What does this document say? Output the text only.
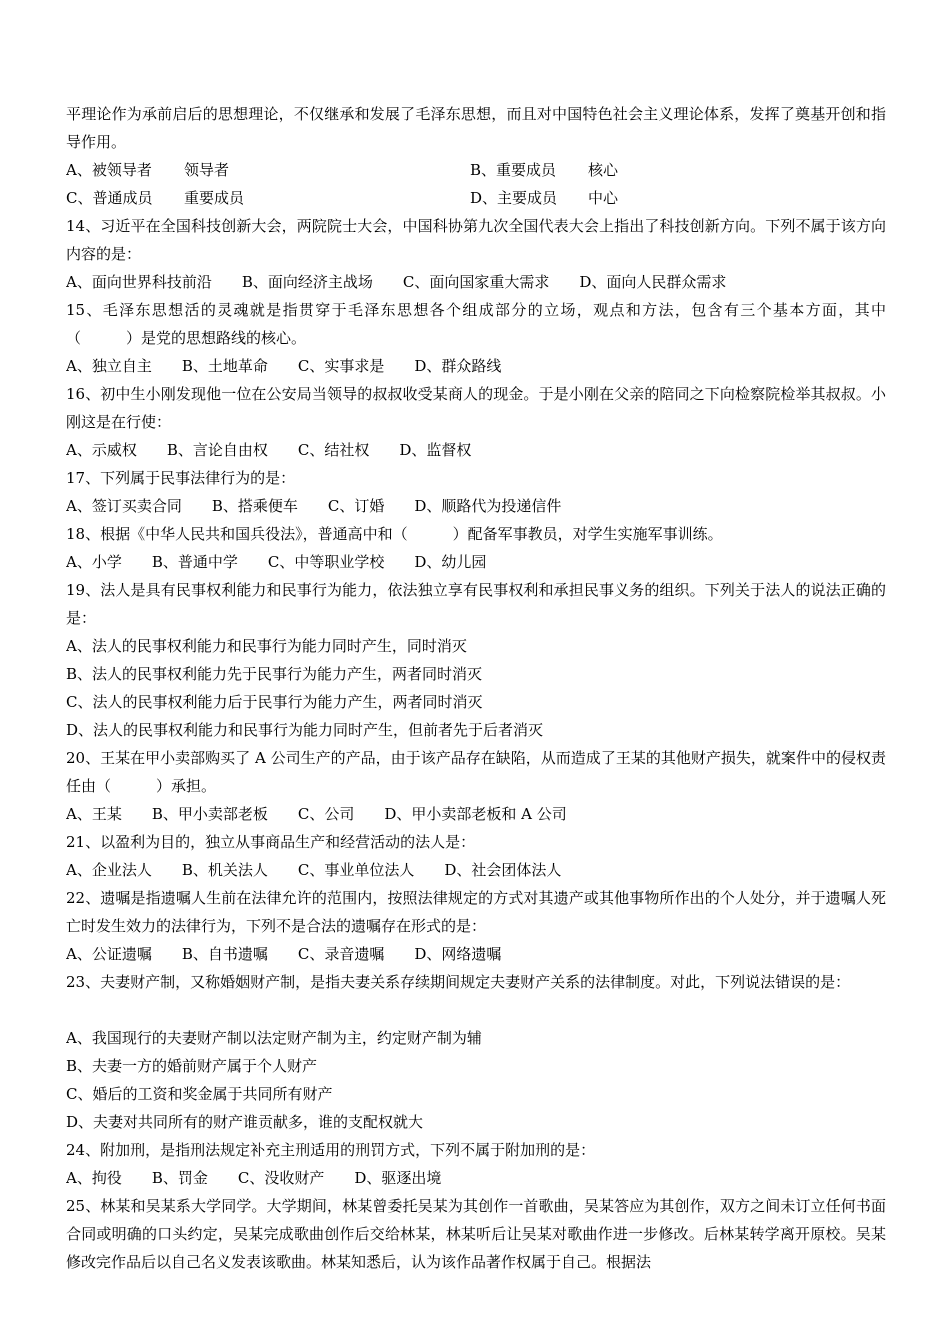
平理论作为承前启后的思想理论，不仅继承和发展了毛泽东思想，而且对中国特色社会主义理论体系，发挥了奠基开创和指导作用。
A、被领导者	领导者	B、重要成员	核心
C、普通成员	重要成员	D、主要成员	中心
14、习近平在全国科技创新大会，两院院士大会，中国科协第九次全国代表大会上指出了科技创新方向。下列不属于该方向内容的是：
A、面向世界科技前沿 B、面向经济主战场 C、面向国家重大需求 D、面向人民群众需求
15、毛泽东思想活的灵魂就是指贯穿于毛泽东思想各个组成部分的立场，观点和方法，包含有三个基本方面，其中（　　　）是党的思想路线的核心。
A、独立自主 B、土地革命 C、实事求是 D、群众路线
16、初中生小刚发现他一位在公安局当领导的叔叔收受某商人的现金。于是小刚在父亲的陪同之下向检察院检举其叔叔。小刚这是在行使：
A、示威权 B、言论自由权 C、结社权 D、监督权
17、下列属于民事法律行为的是：
A、签订买卖合同 B、搭乘便车 C、订婚 D、顺路代为投递信件
18、根据《中华人民共和国兵役法》，普通高中和（　　　）配备军事教员，对学生实施军事训练。
A、小学 B、普通中学 C、中等职业学校 D、幼儿园
19、法人是具有民事权利能力和民事行为能力，依法独立享有民事权利和承担民事义务的组织。下列关于法人的说法正确的是：
A、法人的民事权利能力和民事行为能力同时产生，同时消灭
B、法人的民事权利能力先于民事行为能力产生，两者同时消灭
C、法人的民事权利能力后于民事行为能力产生，两者同时消灭
D、法人的民事权利能力和民事行为能力同时产生，但前者先于后者消灭
20、王某在甲小卖部购买了 A 公司生产的产品，由于该产品存在缺陷，从而造成了王某的其他财产损失，就案件中的侵权责任由（　　　）承担。
A、王某 B、甲小卖部老板 C、公司 D、甲小卖部老板和 A 公司
21、以盈利为目的，独立从事商品生产和经营活动的法人是：
A、企业法人 B、机关法人 C、事业单位法人 D、社会团体法人
22、遗嘱是指遗嘱人生前在法律允许的范围内，按照法律规定的方式对其遗产或其他事物所作出的个人处分，并于遗嘱人死亡时发生效力的法律行为，下列不是合法的遗嘱存在形式的是：
A、公证遗嘱 B、自书遗嘱 C、录音遗嘱 D、网络遗嘱
23、夫妻财产制，又称婚姻财产制，是指夫妻关系存续期间规定夫妻财产关系的法律制度。对此，下列说法错误的是：
A、我国现行的夫妻财产制以法定财产制为主，约定财产制为辅
B、夫妻一方的婚前财产属于个人财产
C、婚后的工资和奖金属于共同所有财产
D、夫妻对共同所有的财产谁贡献多，谁的支配权就大
24、附加刑，是指刑法规定补充主刑适用的刑罚方式，下列不属于附加刑的是：
A、拘役 B、罚金 C、没收财产 D、驱逐出境
25、林某和吴某系大学同学。大学期间，林某曾委托吴某为其创作一首歌曲，吴某答应为其创作，双方之间未订立任何书面合同或明确的口头约定，吴某完成歌曲创作后交给林某，林某听后让吴某对歌曲作进一步修改。后林某转学离开原校。吴某修改完作品后以自己名义发表该歌曲。林某知悉后，认为该作品著作权属于自己。根据法
